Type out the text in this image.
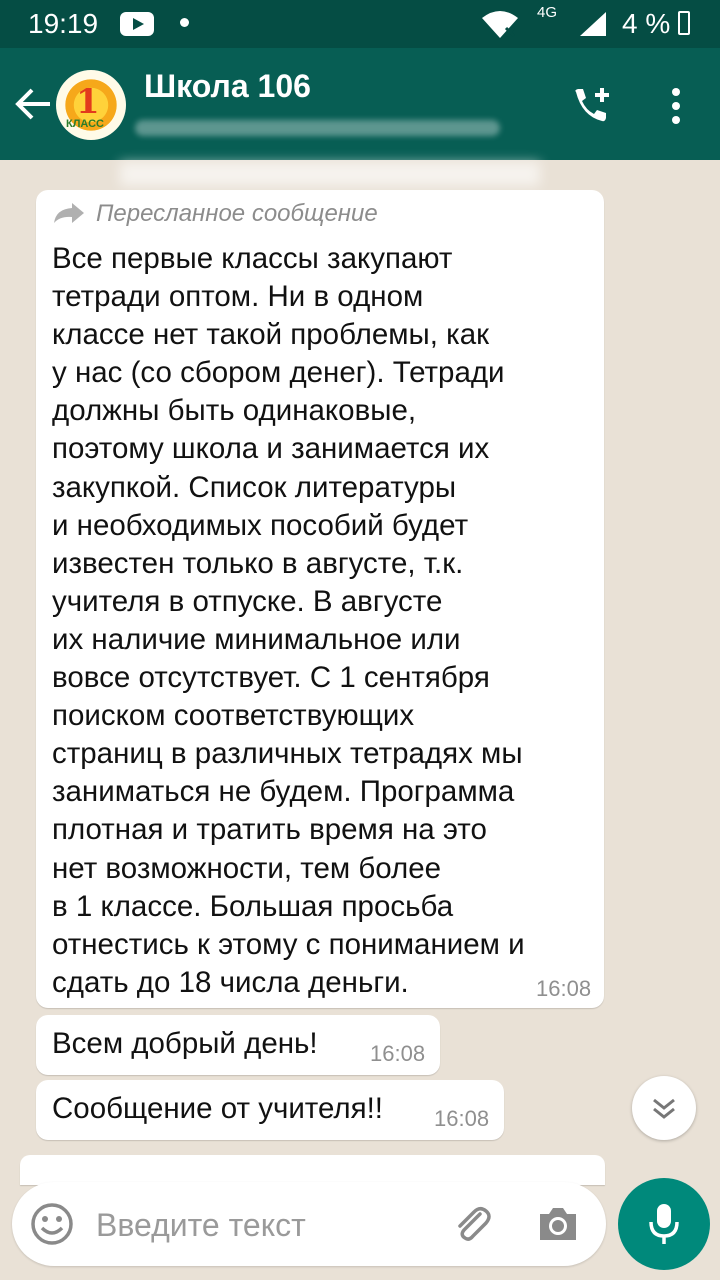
19:19	4G 4 %
1
КЛАСС
Школа 106
Пересланное сообщение
Все первые классы закупают
тетради оптом. Ни в одном
классе нет такой проблемы, как
у нас (со сбором денег). Тетради
должны быть одинаковые,
поэтому школа и занимается их
закупкой. Список литературы
и необходимых пособий будет
известен только в августе, т.к.
учителя в отпуске. В августе
их наличие минимальное или
вовсе отсутствует. С 1 сентября
поиском соответствующих
страниц в различных тетрадях мы
заниматься не будем. Программа
плотная и тратить время на это
нет возможности, тем более
в 1 классе. Большая просьба
отнестись к этому с пониманием и
сдать до 18 числа деньги.	16:08
Всем добрый день! 16:08
Сообщение от учителя!! 16:08
Введите текст
